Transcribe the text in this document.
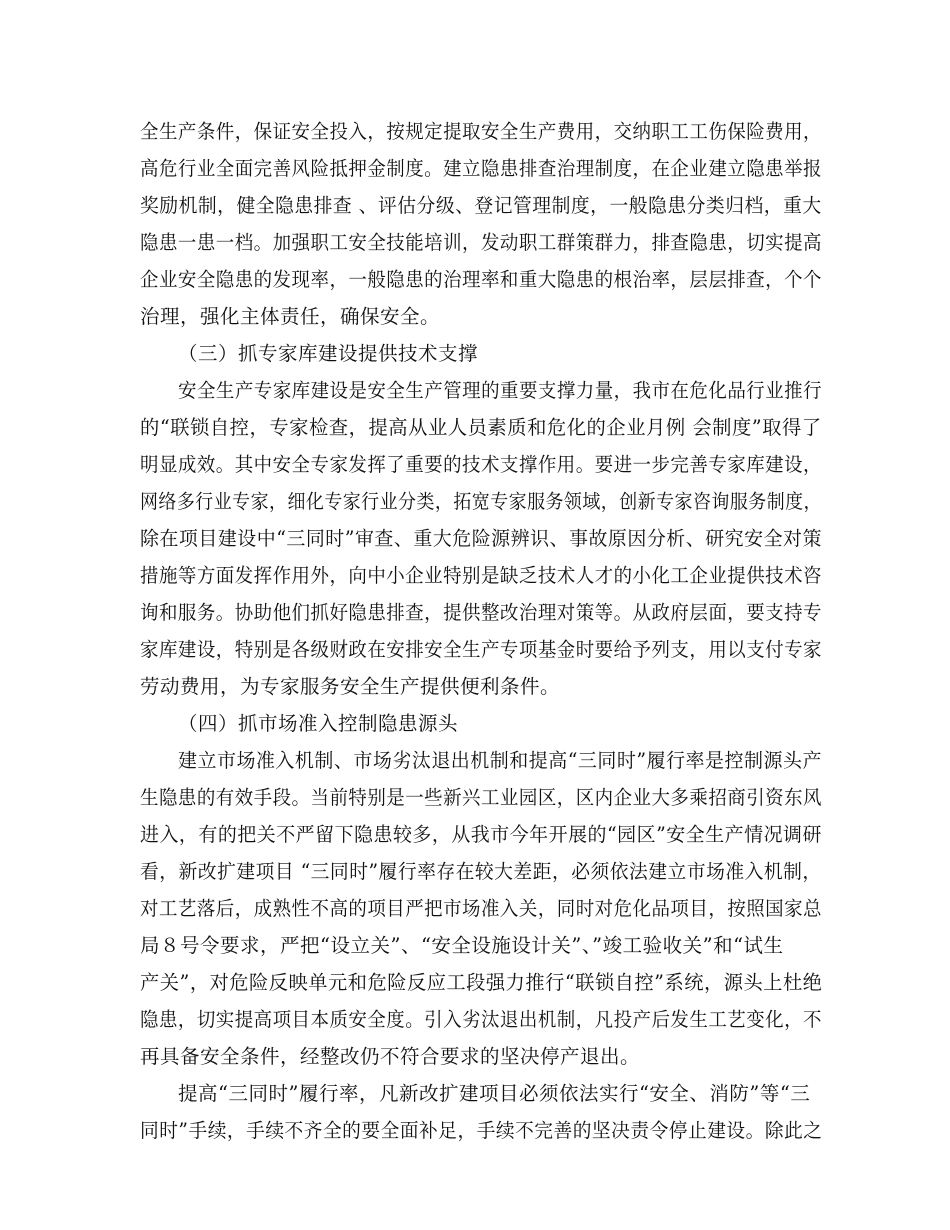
全生产条件，保证安全投入，按规定提取安全生产费用，交纳职工工伤保险费用，
高危行业全面完善风险抵押金制度。建立隐患排查治理制度，在企业建立隐患举报
奖励机制，健全隐患排查 、评估分级、登记管理制度，一般隐患分类归档，重大
隐患一患一档。加强职工安全技能培训，发动职工群策群力，排查隐患，切实提高
企业安全隐患的发现率，一般隐患的治理率和重大隐患的根治率，层层排查，个个
治理，强化主体责任，确保安全。
（三）抓专家库建设提供技术支撑
安全生产专家库建设是安全生产管理的重要支撑力量，我市在危化品行业推行
的“联锁自控，专家检查，提高从业人员素质和危化的企业月例 会制度”取得了
明显成效。其中安全专家发挥了重要的技术支撑作用。要进一步完善专家库建设，
网络多行业专家，细化专家行业分类，拓宽专家服务领域，创新专家咨询服务制度，
除在项目建设中“三同时”审查、重大危险源辨识、事故原因分析、研究安全对策
措施等方面发挥作用外，向中小企业特别是缺乏技术人才的小化工企业提供技术咨
询和服务。协助他们抓好隐患排查，提供整改治理对策等。从政府层面，要支持专
家库建设，特别是各级财政在安排安全生产专项基金时要给予列支，用以支付专家
劳动费用，为专家服务安全生产提供便利条件。
（四）抓市场准入控制隐患源头
建立市场准入机制、市场劣汰退出机制和提高“三同时”履行率是控制源头产
生隐患的有效手段。当前特别是一些新兴工业园区，区内企业大多乘招商引资东风
进入，有的把关不严留下隐患较多，从我市今年开展的“园区”安全生产情况调研
看，新改扩建项目 “三同时”履行率存在较大差距，必须依法建立市场准入机制，
对工艺落后，成熟性不高的项目严把市场准入关，同时对危化品项目，按照国家总
局８号令要求，严把“设立关”、“安全设施设计关”、”竣工验收关”和“试生
产关”，对危险反映单元和危险反应工段强力推行“联锁自控”系统，源头上杜绝
隐患，切实提高项目本质安全度。引入劣汰退出机制，凡投产后发生工艺变化，不
再具备安全条件，经整改仍不符合要求的坚决停产退出。
提高“三同时”履行率，凡新改扩建项目必须依法实行“安全、消防”等“三
同时”手续，手续不齐全的要全面补足，手续不完善的坚决责令停止建设。除此之
